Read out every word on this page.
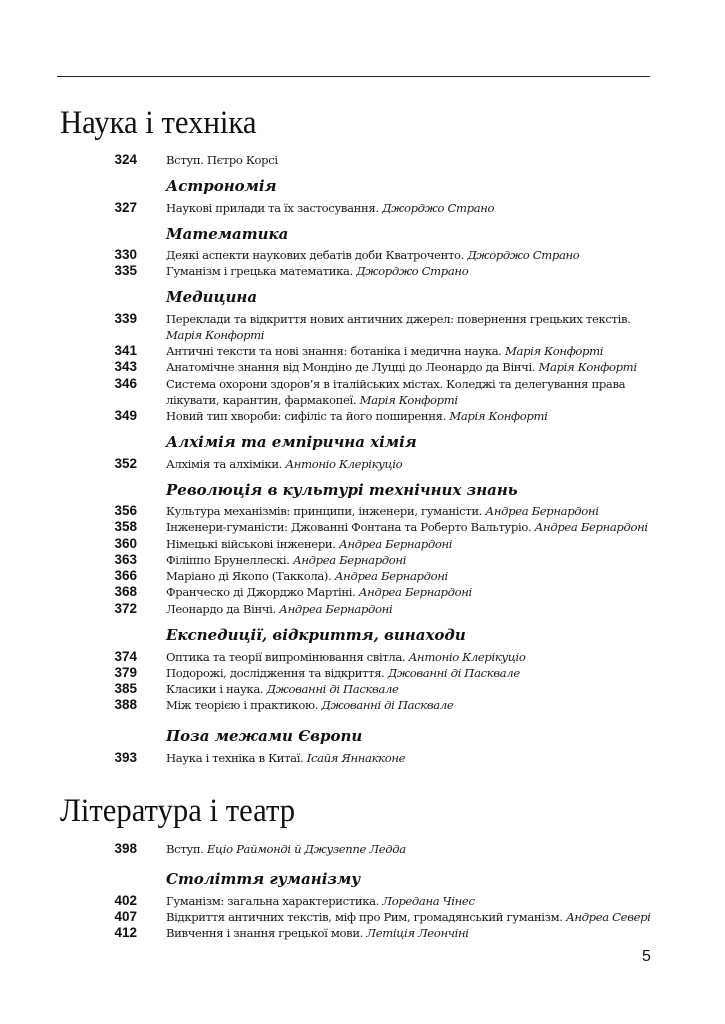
Наука і техніка
324	Вступ. Пєтро Корсі
Астрономія
327	Наукові прилади та їх застосування. Джорджо Страно
Математика
330	Деякі аспекти наукових дебатів доби Кватроченто. Джорджо Страно
335	Гуманізм і грецька математика. Джорджо Страно
Медицина
339	Переклади та відкриття нових античних джерел: повернення грецьких текстів.
Марія Конфорті
341	Античні тексти та нові знання: ботаніка і медична наука. Марія Конфорті
343	Анатомічне знання від Мондіно де Луцці до Леонардо да Вінчі. Марія Конфорті
346	Система охорони здоров’я в італійських містах. Коледжі та делегування права
лікувати, карантин, фармакопеї. Марія Конфорті
349	Новий тип хвороби: сифіліс та його поширення. Марія Конфорті
Алхімія та емпірична хімія
352	Алхімія та алхіміки. Антоніо Клерікуціо
Революція в культурі технічних знань
356	Культура механізмів: принципи, інженери, гуманісти. Андреа Бернардоні
358	Інженери-гуманісти: Джованні Фонтана та Роберто Вальтуріо. Андреа Бернардоні
360	Німецькі військові інженери. Андреа Бернардоні
363	Філіппо Брунеллескі. Андреа Бернардоні
366	Маріано ді Якопо (Таккола). Андреа Бернардоні
368	Франческо ді Джорджо Мартіні. Андреа Бернардоні
372	Леонардо да Вінчі. Андреа Бернардоні
Експедиції, відкриття, винаходи
374	Оптика та теорії випромінювання світла. Антоніо Клерікуціо
379	Подорожі, дослідження та відкриття. Джованні ді Пасквале
385	Класики і наука. Джованні ді Пасквале
388	Між теорією і практикою. Джованні ді Пасквале
Поза межами Європи
393	Наука і техніка в Китаї. Ісайя Яннакконе
Література і театр
398	Вступ. Еціо Раймонді й Джузеппе Ледда
Століття гуманізму
402	Гуманізм: загальна характеристика. Лоредана Чінес
407	Відкриття античних текстів, міф про Рим, громадянський гуманізм. Андреа Севері
412	Вивчення і знання грецької мови. Летіція Леончіні
5
